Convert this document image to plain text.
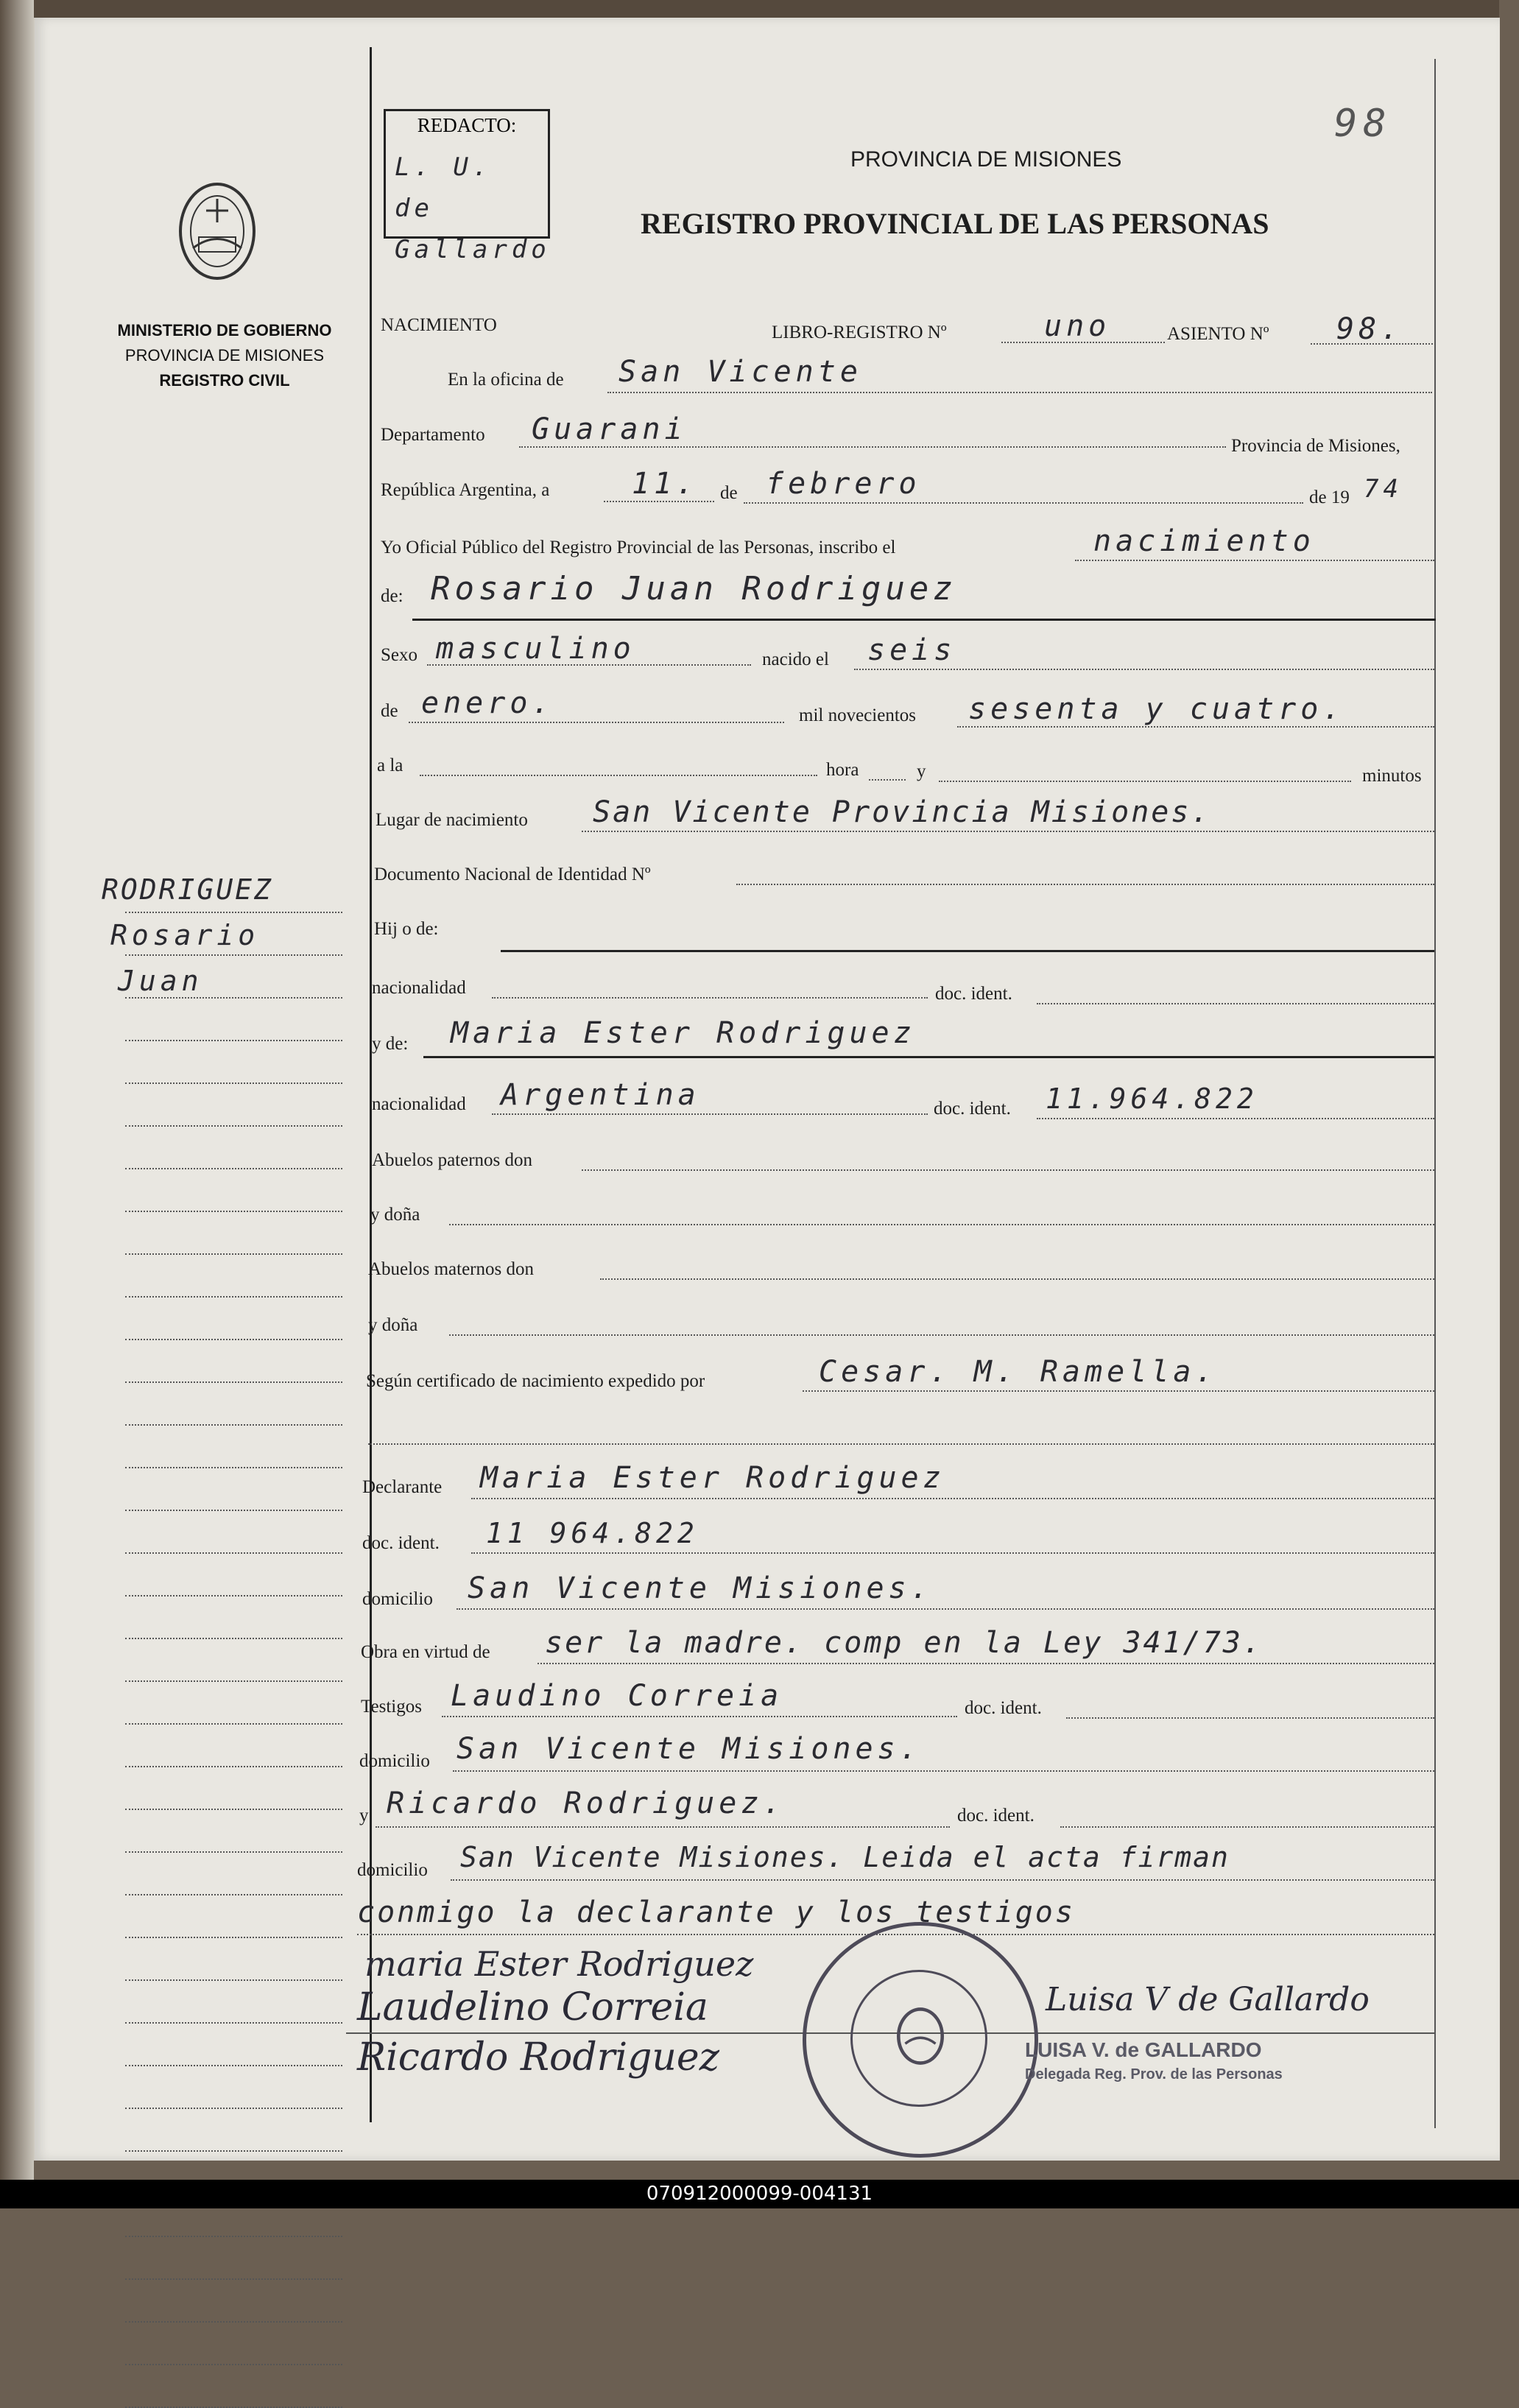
98
REDACTO:
L. U. de Gallardo
PROVINCIA DE MISIONES
REGISTRO PROVINCIAL DE LAS PERSONAS
MINISTERIO DE GOBIERNO
PROVINCIA DE MISIONES
REGISTRO CIVIL
RODRIGUEZ
Rosario
Juan
NACIMIENTO	LIBRO-REGISTRO Nº	uno	ASIENTO Nº 98.
En la oficina de San Vicente
Departamento Guarani	Provincia de Misiones,
República Argentina, a	11. de febrero	de 19 74
Yo Oficial Público del Registro Provincial de las Personas, inscribo el	nacimiento
de: Rosario Juan Rodriguez
Sexo masculino	nacido el seis
de enero.	mil novecientos sesenta y cuatro.
a la	hora	y	minutos
Lugar de nacimiento San Vicente Provincia Misiones.
Documento Nacional de Identidad Nº
Hij o de:
nacionalidad	doc. ident.
y de: Maria Ester Rodriguez
nacionalidad Argentina	doc. ident. 11.964.822
Abuelos paternos don
y doña
Abuelos maternos don
y doña
Según certificado de nacimiento expedido por	Cesar. M. Ramella.
Declarante Maria Ester Rodriguez
doc. ident. 11 964.822
domicilio San Vicente Misiones.
Obra en virtud de ser la madre. comp en la Ley 341/73.
Testigos Laudino Correia	doc. ident.
domicilio San Vicente Misiones.
y Ricardo Rodriguez.	doc. ident.
domicilio San Vicente Misiones. Leida el acta firman
conmigo la declarante y los testigos
maria Ester Rodriguez
Laudelino Correia
Ricardo Rodriguez
Luisa V de Gallardo
LUISA V. de GALLARDO
Delegada Reg. Prov. de las Personas
070912000099-004131
